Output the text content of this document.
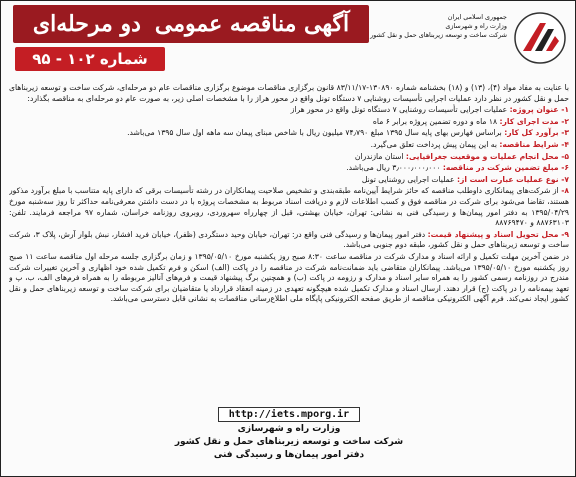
جمهوری اسلامی ایران
وزارت راه و شهرسازی
شرکت ساخت و توسعه زیربناهای حمل و نقل کشور
آگهی مناقصه عمومی
دو مرحله‌ای
شماره ۱۰۲ - ۹۵

با عنایت به مفاد مواد (۴)، (۱۳) و (۱۸) بخشنامه شماره ۱۳۰۸۹۰-۸۳/۱۱/۱۷ قانون برگزاری مناقصات موضوع برگزاری مناقصات عام دو مرحله‌ای، شرکت ساخت و توسعه زیربناهای حمل و نقل کشور در نظر دارد عملیات اجرایی تأسیسات روشنایی ۷ دستگاه تونل واقع در محور هراز را با مشخصات اصلی زیر، به صورت عام دو مرحله‌ای به مناقصه بگذارد:

۱- عنوان پروژه: عملیات اجرایی تأسیسات روشنایی ۷ دستگاه تونل واقع در محور هراز

۲- مدت اجرای کار: ۱۸ ماه و دوره تضمین پروژه برابر ۶ ماه

۳- برآورد کل کار: براساس فهارس بهای پایه سال ۱۳۹۵ مبلغ ۷۴٫۷۹۰ میلیون ریال با شاخص مبنای پیمان سه ماهه اول سال ۱۳۹۵ می‌باشد.

۴- شرایط مناقصه: به این پیمان پیش پرداخت تعلق می‌گیرد.

۵- محل انجام عملیات و موقعیت جغرافیایی: استان مازندران

۶- مبلغ تضمین شرکت در مناقصه: ۳٫۰۰۰٫۰۰۰٫۰۰۰ ریال می‌باشد.

۷- نوع عملیات عبارت است از: عملیات اجرایی روشنایی تونل

۸- از شرکت‌های پیمانکاری داوطلب مناقصه که حائز شرایط آیین‌نامه طبقه‌بندی و تشخیص صلاحیت پیمانکاران در رشته تأسیسات برقی که دارای پایه متناسب با مبلغ برآورد مذکور هستند، تقاضا می‌شود برای شرکت در مناقصه فوق و کسب اطلاعات لازم و دریافت اسناد مربوط به مشخصات پروژه با در دست داشتن معرفی‌نامه حداکثر تا روز سه‌شنبه مورخ ۱۳۹۵/۰۴/۲۹ به دفتر امور پیمان‌ها و رسیدگی فنی به نشانی: تهران، خیابان بهشتی، قبل از چهارراه سهروردی، روبروی روزنامه خراسان، شماره ۹۷ مراجعه فرمایند. تلفن: ۸۸۷۶۳۱۰۳ و ۸۸۷۶۹۴۷۰

۹- محل تحویل اسناد و پیشنهاد قیمت: دفتر امور پیمان‌ها و رسیدگی فنی واقع در: تهران، خیابان وحید دستگردی (ظفر)، خیابان فرید افشار، نبش بلوار آرش، پلاک ۳، شرکت ساخت و توسعه زیربناهای حمل و نقل کشور، طبقه دوم جنوبی می‌باشد.

در ضمن آخرین مهلت تکمیل و ارائه اسناد و مدارک شرکت در مناقصه ساعت ۸:۳۰ صبح روز یکشنبه مورخ ۱۳۹۵/۰۵/۱۰ و زمان برگزاری جلسه مرحله اول مناقصه ساعت ۱۱ صبح روز یکشنبه مورخ ۱۳۹۵/۰۵/۱۰ می‌باشد. پیمانکاران متقاضی باید ضمانت‌نامه شرکت در مناقصه را در پاکت (الف) اسکن و فرم تکمیل شده خود اظهاری و آخرین تغییرات شرکت مندرج در روزنامه رسمی کشور را به همراه سایر اسناد و مدارک و رزومه در پاکت (ب) و همچنین برگ پیشنهاد قیمت و فرم‌های آنالیز مربوطه را به همراه فرم‌های الف، ب، پ و تعهد بیمه‌نامه را در پاکت (ج) قرار دهند. ارسال اسناد و مدارک تکمیل شده هیچگونه تعهدی در زمینه انعقاد قرارداد یا متقاضیان برای شرکت ساخت و توسعه زیربناهای حمل و نقل کشور ایجاد نمی‌کند. فرم آگهی الکترونیکی مناقصه از طریق صفحه الکترونیکی پایگاه ملی اطلاع‌رسانی مناقصات به نشانی قابل دسترسی می‌باشد.

http://iets.mporg.ir
وزارت راه و شهرسازی
شرکت ساخت و توسعه زیربناهای حمل و نقل کشور
دفتر امور پیمان‌ها و رسیدگی فنی
